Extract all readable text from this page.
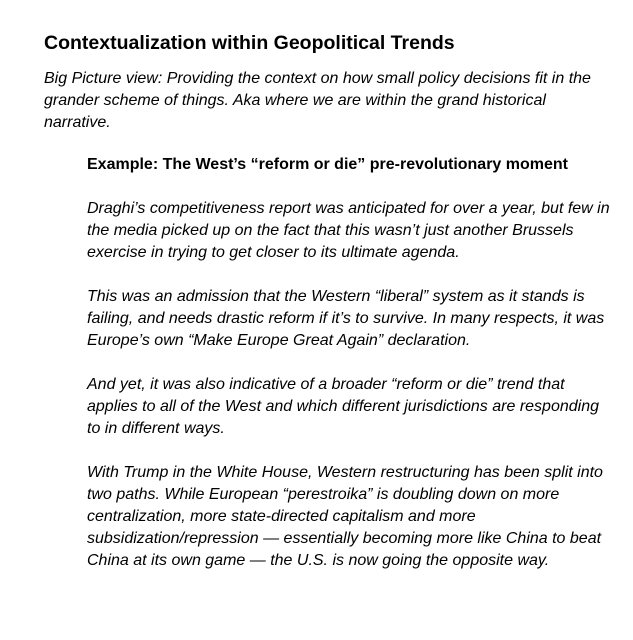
Contextualization within Geopolitical Trends

Big Picture view: Providing the context on how small policy decisions fit in the grander scheme of things. Aka where we are within the grand historical narrative.

Example: The West’s “reform or die” pre-revolutionary moment

Draghi’s competitiveness report was anticipated for over a year, but few in the media picked up on the fact that this wasn’t just another Brussels exercise in trying to get closer to its ultimate agenda.

This was an admission that the Western “liberal” system as it stands is failing, and needs drastic reform if it’s to survive. In many respects, it was Europe’s own “Make Europe Great Again” declaration.

And yet, it was also indicative of a broader “reform or die” trend that applies to all of the West and which different jurisdictions are responding to in different ways.

With Trump in the White House, Western restructuring has been split into two paths. While European “perestroika” is doubling down on more centralization, more state-directed capitalism and more subsidization/repression — essentially becoming more like China to beat China at its own game — the U.S. is now going the opposite way.
